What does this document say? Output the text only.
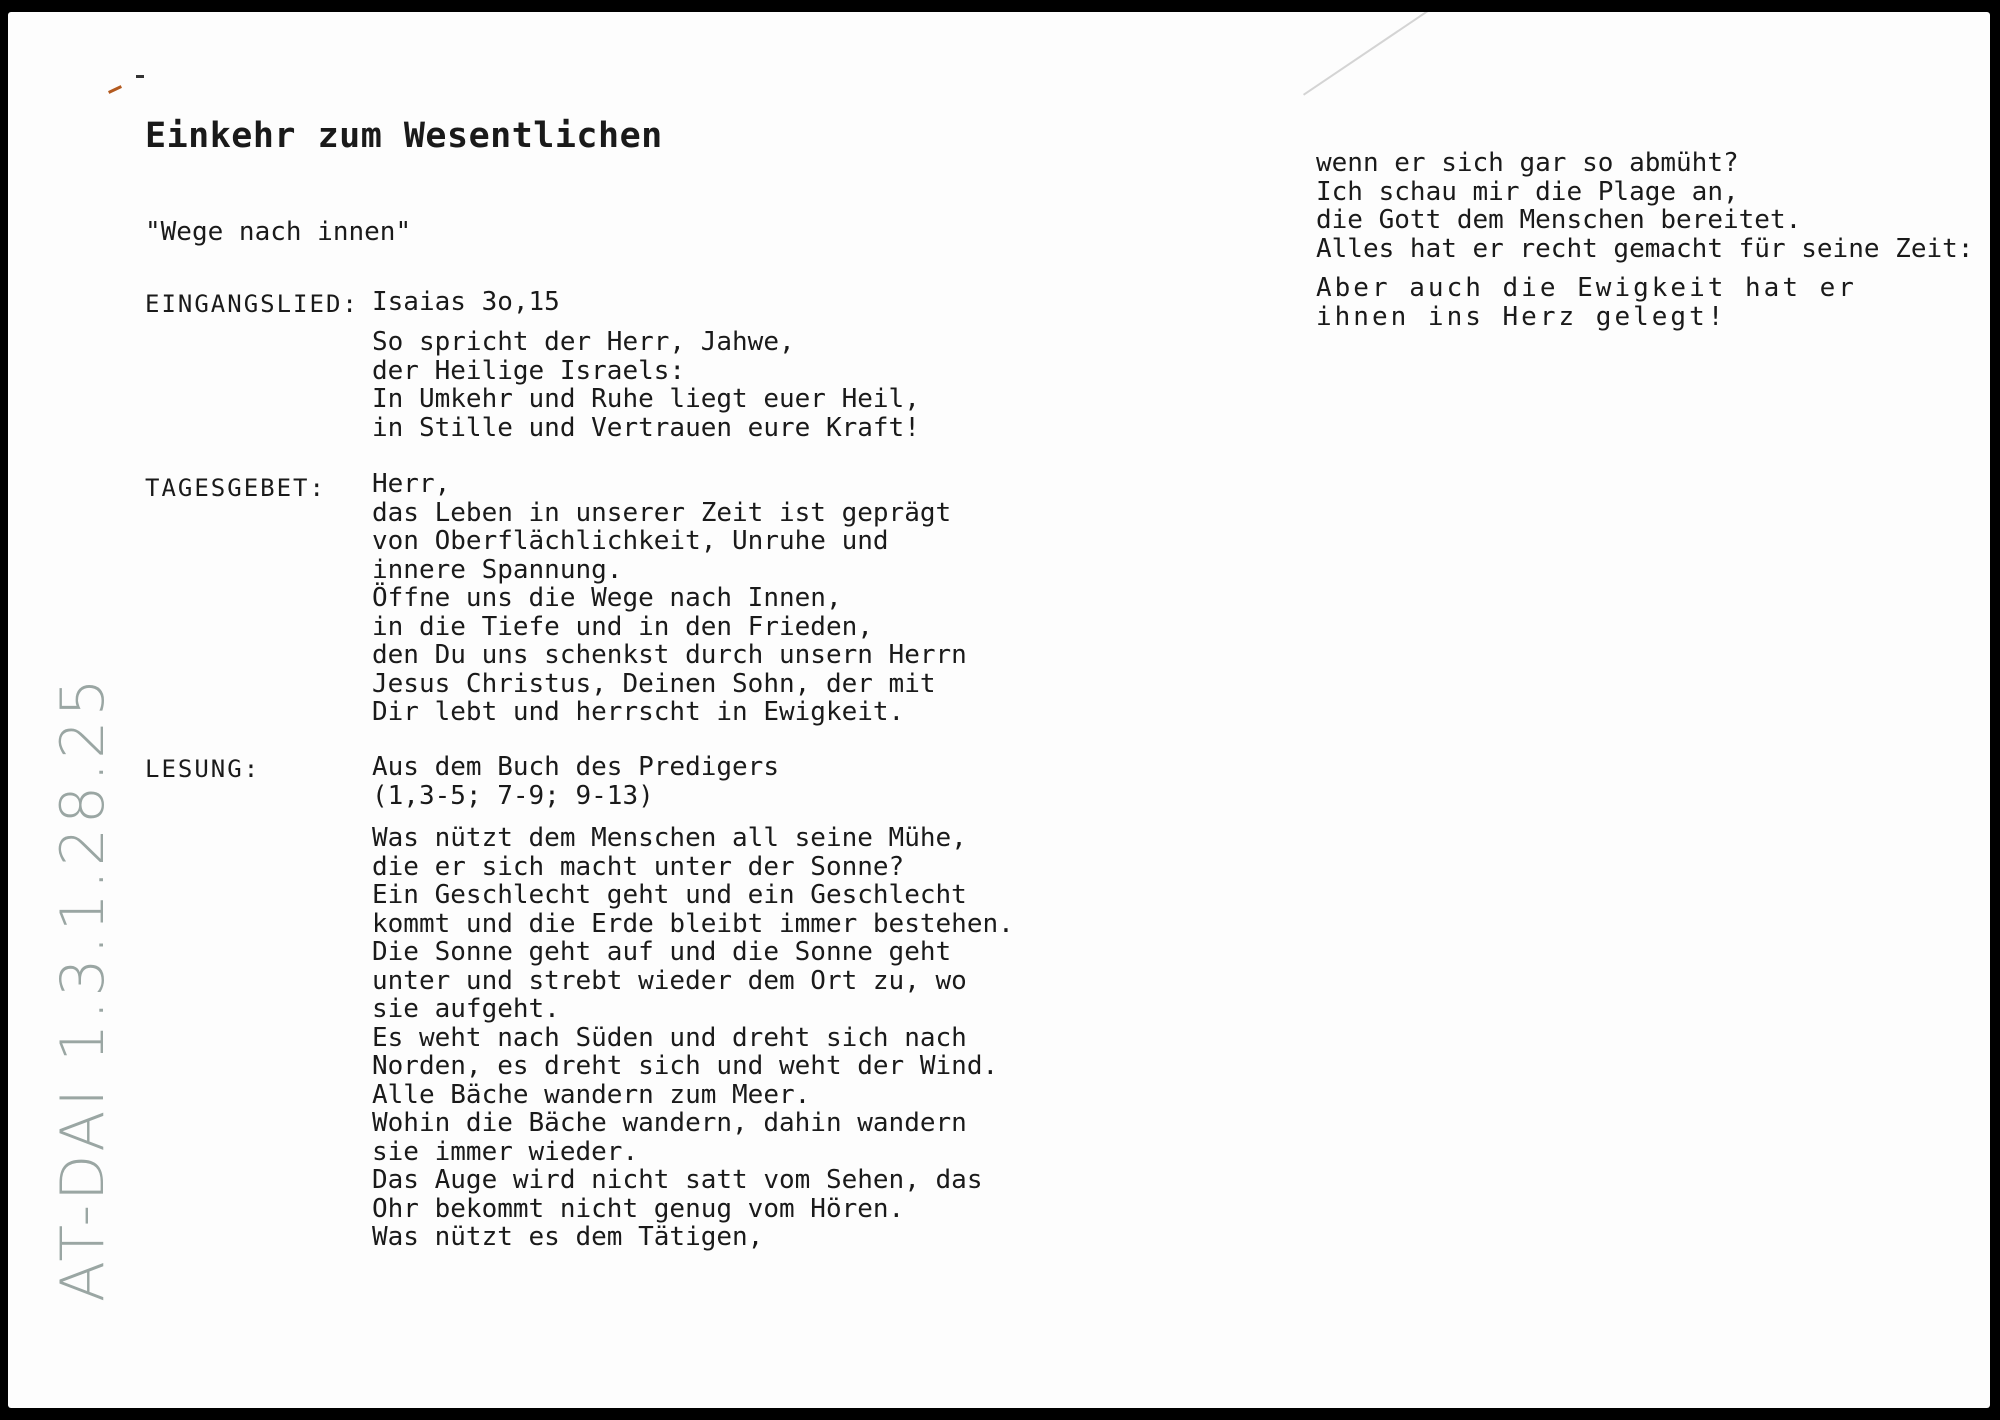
Einkehr zum Wesentlichen
"Wege nach innen"
EINGANGSLIED: Isaias 3o,15
So spricht der Herr, Jahwe,
der Heilige Israels:
In Umkehr und Ruhe liegt euer Heil,
in Stille und Vertrauen eure Kraft!
TAGESGEBET: Herr,
das Leben in unserer Zeit ist geprägt
von Oberflächlichkeit, Unruhe und
innere Spannung.
Öffne uns die Wege nach Innen,
in die Tiefe und in den Frieden,
den Du uns schenkst durch unsern Herrn
Jesus Christus, Deinen Sohn, der mit
Dir lebt und herrscht in Ewigkeit.
LESUNG:	Aus dem Buch des Predigers
(1,3-5; 7-9; 9-13)
Was nützt dem Menschen all seine Mühe,
die er sich macht unter der Sonne?
Ein Geschlecht geht und ein Geschlecht
kommt und die Erde bleibt immer bestehen.
Die Sonne geht auf und die Sonne geht
unter und strebt wieder dem Ort zu, wo
sie aufgeht.
Es weht nach Süden und dreht sich nach
Norden, es dreht sich und weht der Wind.
Alle Bäche wandern zum Meer.
Wohin die Bäche wandern, dahin wandern
sie immer wieder.
Das Auge wird nicht satt vom Sehen, das
Ohr bekommt nicht genug vom Hören.
Was nützt es dem Tätigen,
wenn er sich gar so abmüht?
Ich schau mir die Plage an,
die Gott dem Menschen bereitet.
Alles hat er recht gemacht für seine Zeit:
Aber auch die Ewigkeit hat er
ihnen ins Herz gelegt!
AT-DAI 1.3.1.28.25
